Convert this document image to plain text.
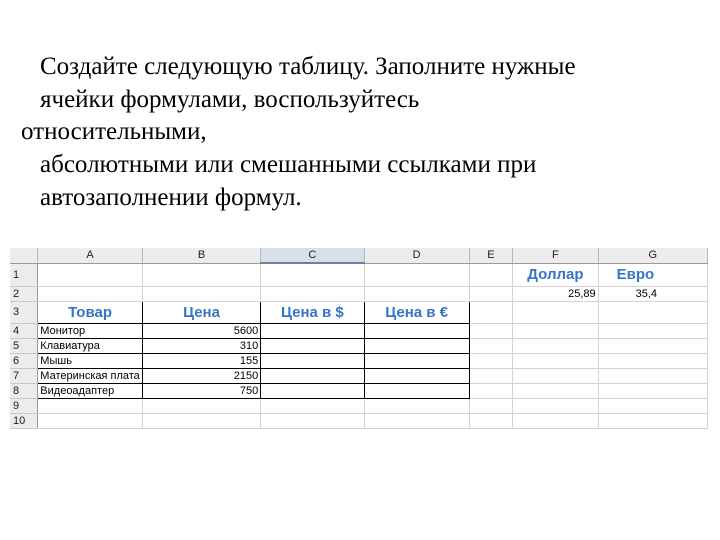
Создайте следующую таблицу. Заполните нужные
ячейки формулами, воспользуйтесь
относительными,
абсолютными или смешанными ссылками при
автозаполнении формул.
	A	B	C	D	E	F	G
1						Доллар	Евро
2						25,89	35,4
3	Товар	Цена	Цена в $	Цена в €			
4	Монитор	5600					
5	Клавиатура	310					
6	Мышь	155					
7	Материнская плата	2150					
8	Видеоадаптер	750					
9							
10							
